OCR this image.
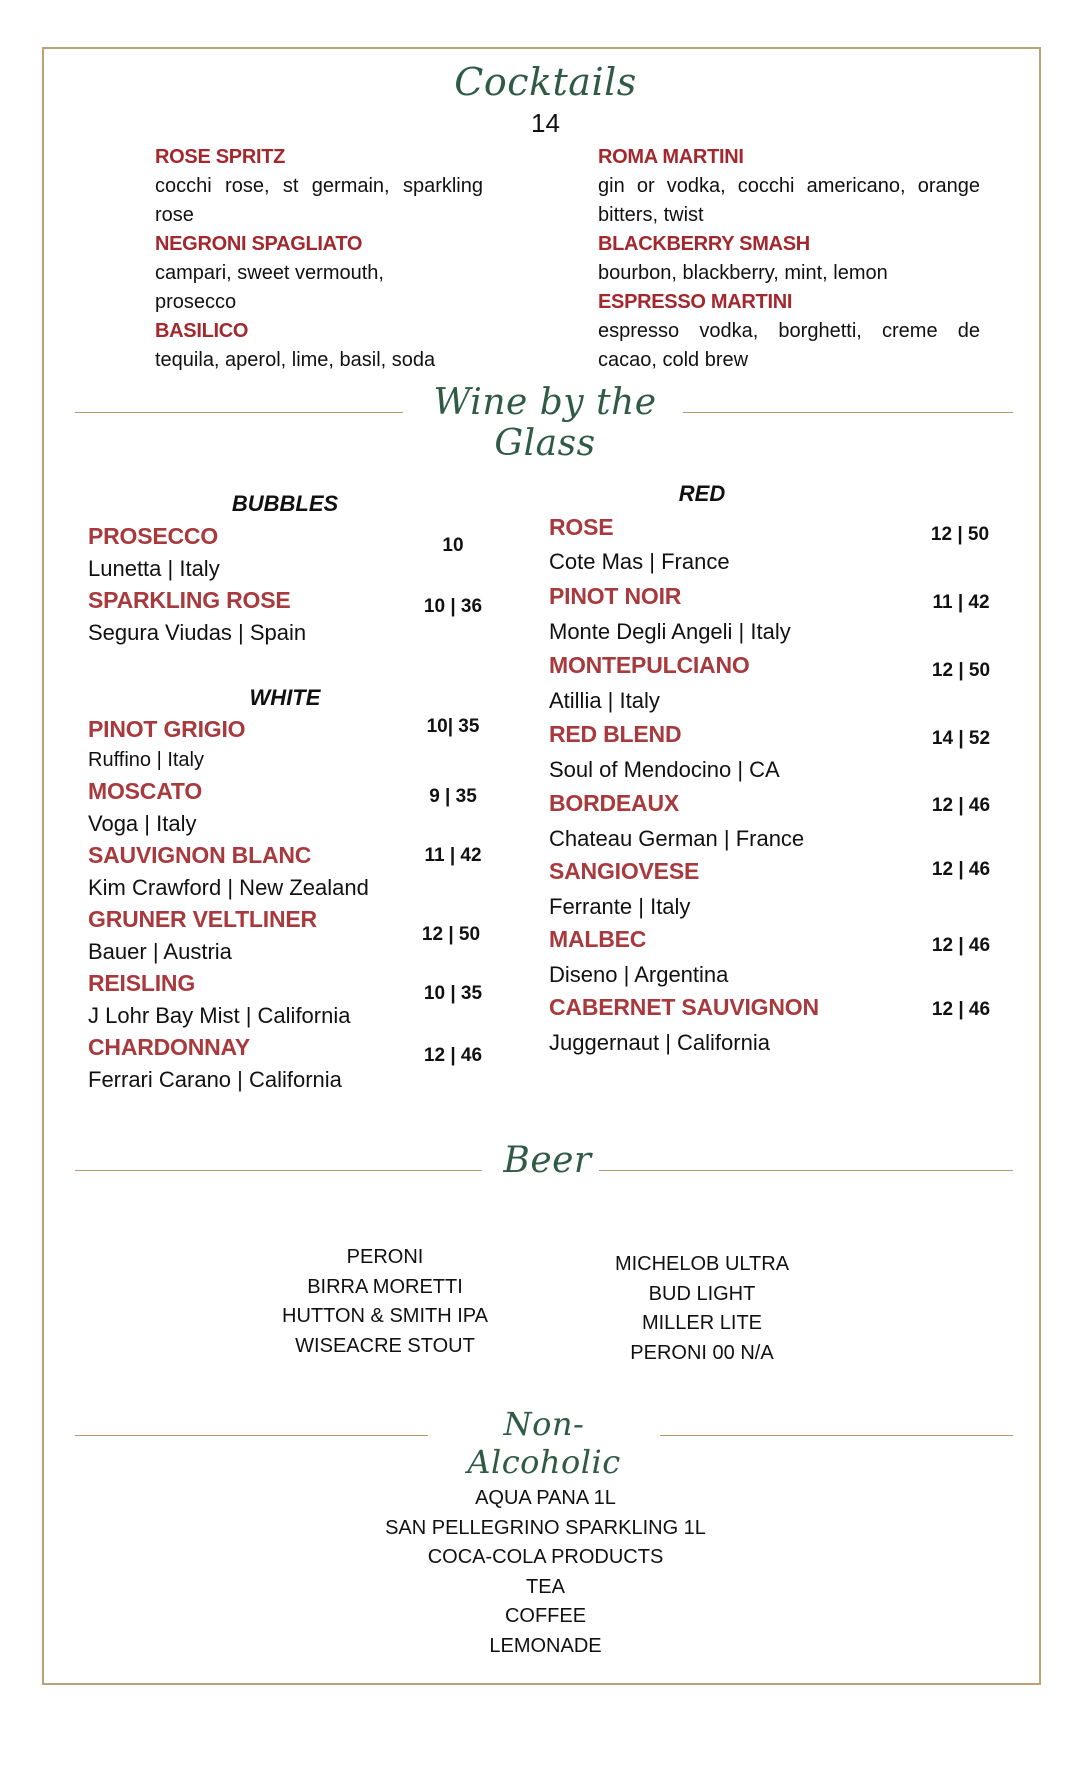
Cocktails
14
ROSE SPRITZ
cocchi rose, st germain, sparkling rose
NEGRONI SPAGLIATO
campari, sweet vermouth, prosecco
BASILICO
tequila, aperol, lime, basil, soda
ROMA MARTINI
gin or vodka, cocchi americano, orange bitters, twist
BLACKBERRY SMASH
bourbon, blackberry, mint, lemon
ESPRESSO MARTINI
espresso vodka, borghetti, creme de cacao, cold brew
Wine by the Glass
BUBBLES
PROSECCO
Lunetta | Italy
10
SPARKLING ROSE
Segura Viudas | Spain
10 | 36
WHITE
PINOT GRIGIO
Ruffino | Italy
10| 35
MOSCATO
Voga | Italy
9 | 35
SAUVIGNON BLANC
Kim Crawford | New Zealand
11 | 42
GRUNER VELTLINER
Bauer | Austria
12 | 50
REISLING
J Lohr Bay Mist | California
10 | 35
CHARDONNAY
Ferrari Carano | California
12 | 46
RED
ROSE
Cote Mas | France
12 | 50
PINOT NOIR
Monte Degli Angeli | Italy
11 | 42
MONTEPULCIANO
Atillia | Italy
12 | 50
RED BLEND
Soul of Mendocino | CA
14 | 52
BORDEAUX
Chateau German | France
12 | 46
SANGIOVESE
Ferrante | Italy
12 | 46
MALBEC
Diseno | Argentina
12 | 46
CABERNET SAUVIGNON
Juggernaut | California
12 | 46
Beer
PERONI
BIRRA MORETTI
HUTTON & SMITH IPA
WISEACRE STOUT
MICHELOB ULTRA
BUD LIGHT
MILLER LITE
PERONI 00 N/A
Non-Alcoholic
AQUA PANA 1L
SAN PELLEGRINO SPARKLING 1L
COCA-COLA PRODUCTS
TEA
COFFEE
LEMONADE
